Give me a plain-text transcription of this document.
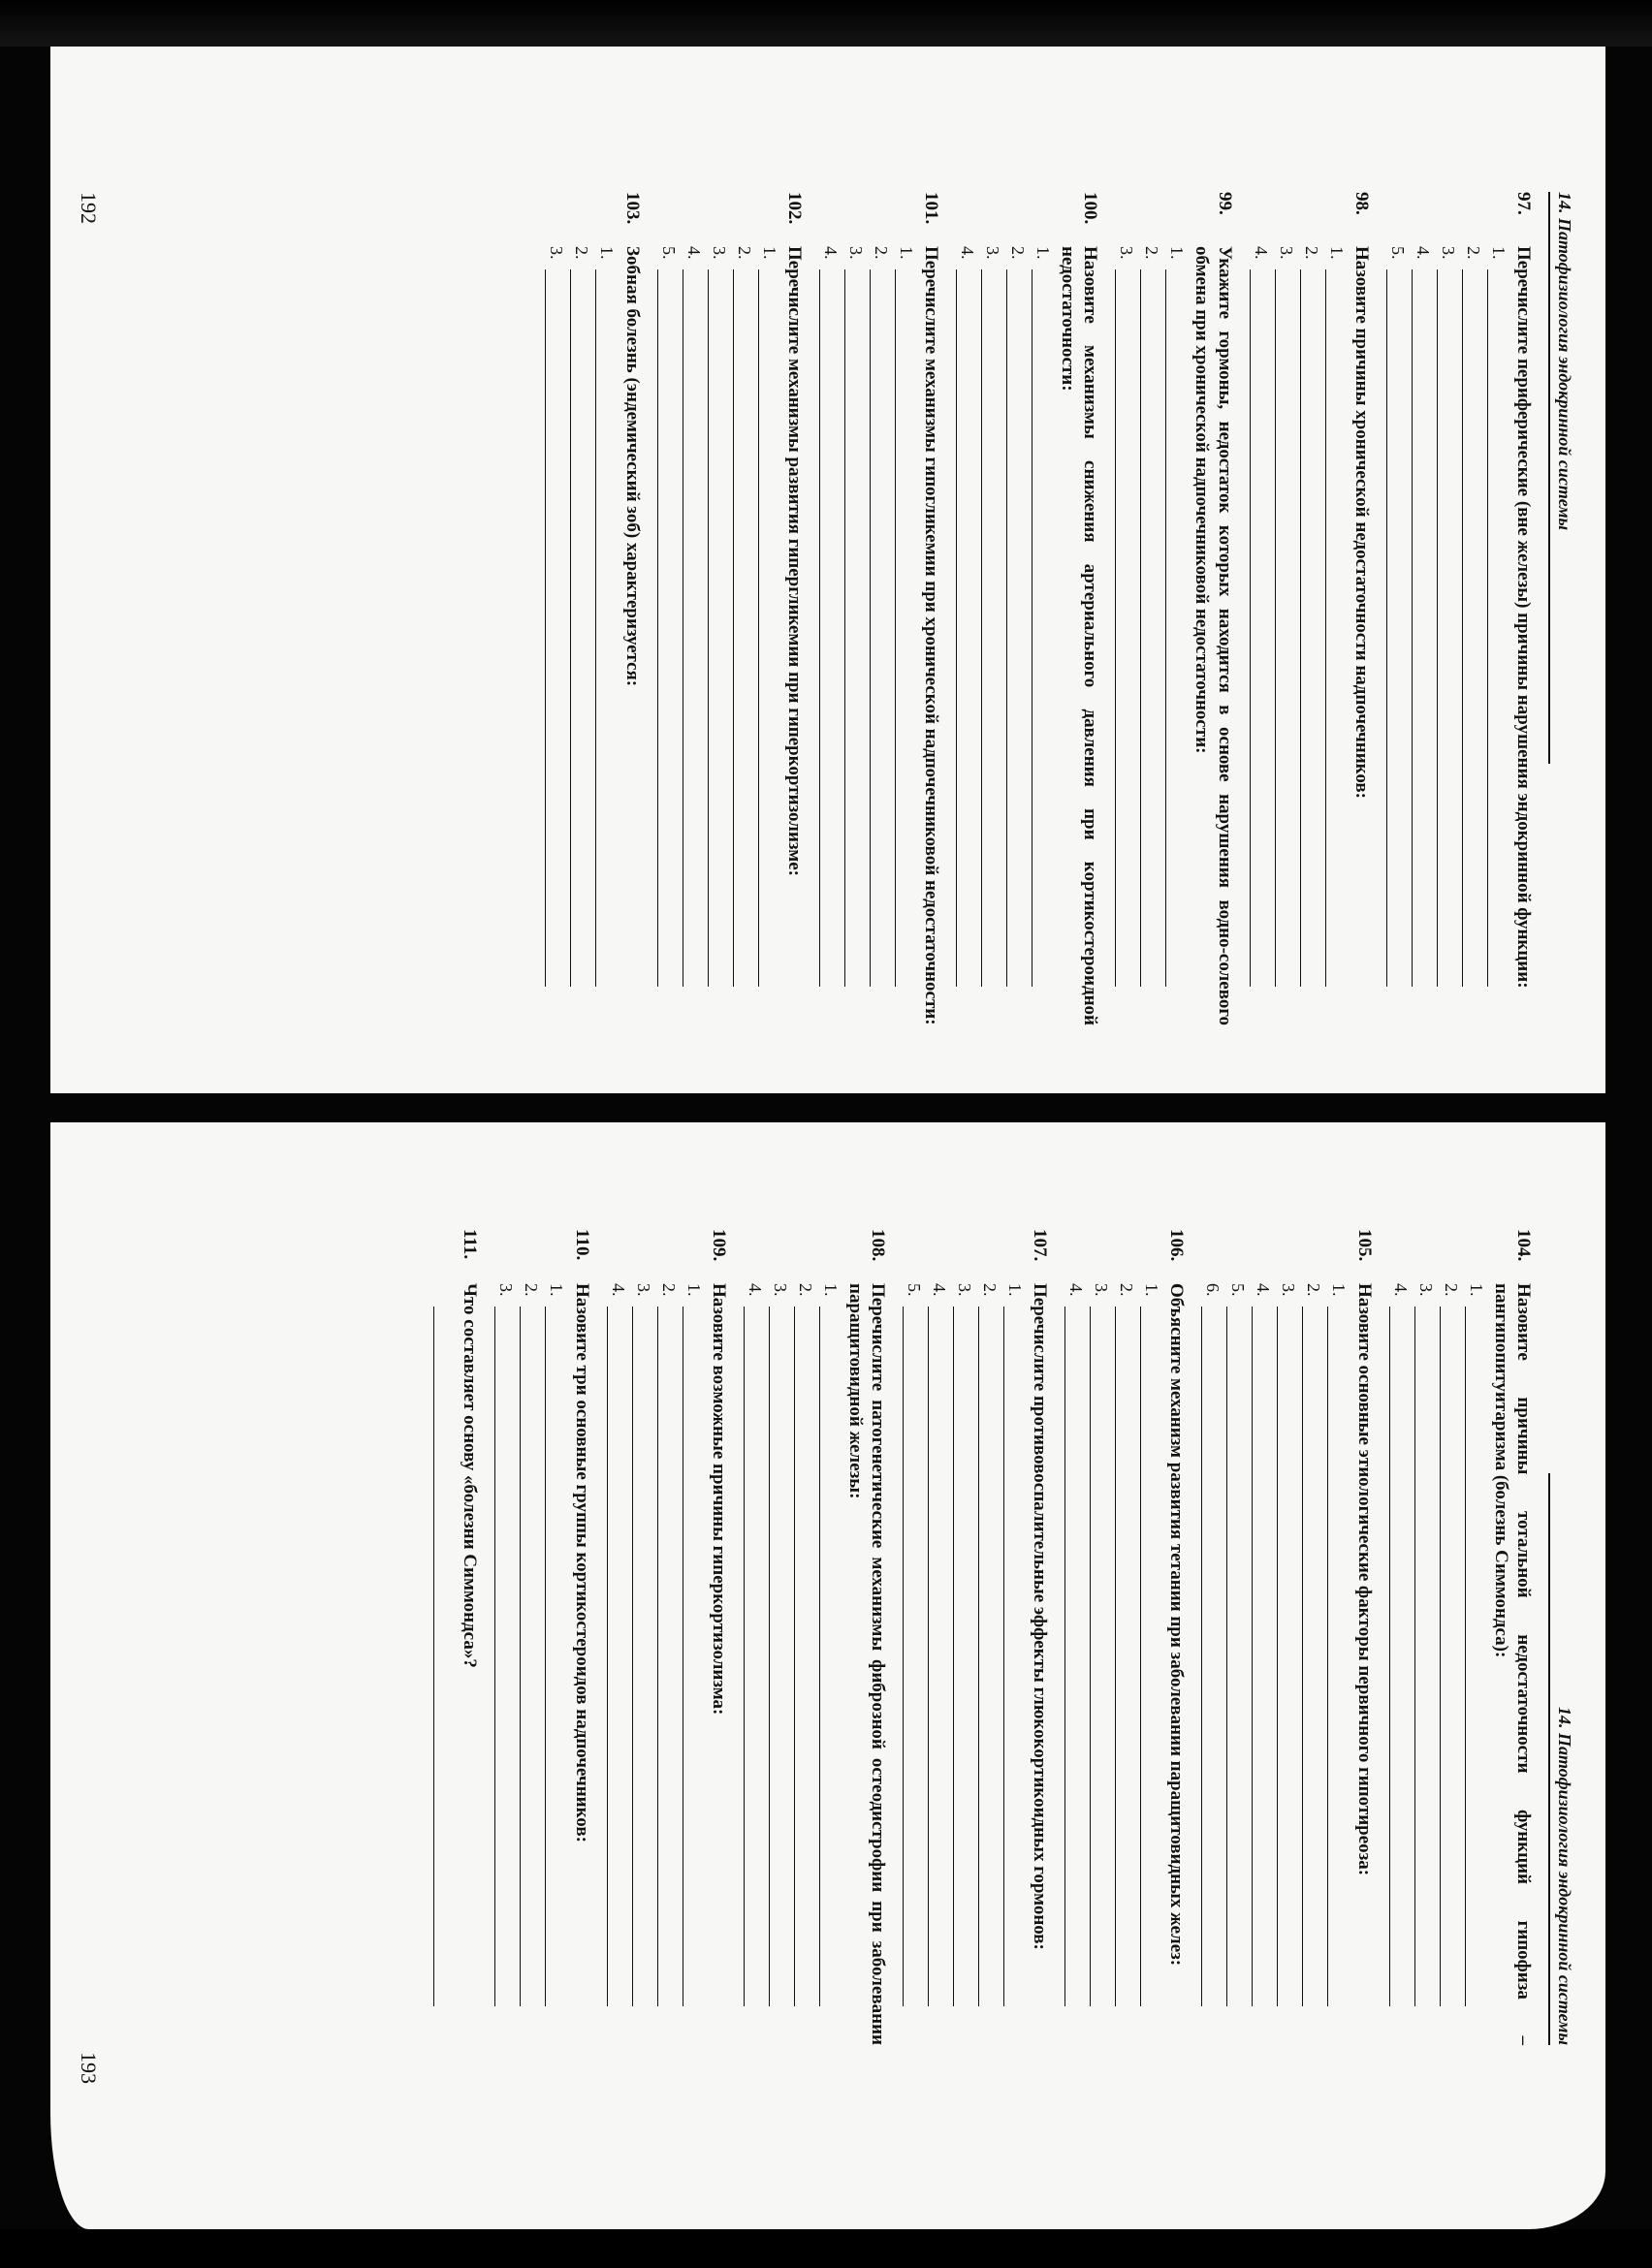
14. Патофизиология эндокринной системы
97.
Перечислите периферические (вне железы) причины нарушения эндокринной функции:
1.
2.
3.
4.
5.
98.
Назовите причины хронической недостаточности надпочечников:
1.
2.
3.
4.
99.
Укажите гормоны, недостаток которых находится в основе нарушения водно-солевого обмена при хронической надпочечниковой недостаточности:
1.
2.
3.
100.
Назовите механизмы снижения артериального давления при кортикостероидной недостаточности:
1.
2.
3.
4.
101.
Перечислите механизмы гипогликемии при хронической надпочечниковой недостаточности:
1.
2.
3.
4.
102.
Перечислите механизмы развития гипергликемии при гиперкортизолизме:
1.
2.
3.
4.
5.
103.
Зобная болезнь (эндемический зоб) характеризуется:
1.
2.
3.
192
14. Патофизиология эндокринной системы
104.
Назовите причины тотальной недостаточности функций гипофиза – пангипопитуитаризма (болезнь Симмондса):
1.
2.
3.
4.
105.
Назовите основные этиологические факторы первичного гипотиреоза:
1.
2.
3.
4.
5.
6.
106.
Объясните механизм развития тетании при заболевании паращитовидных желез:
1.
2.
3.
4.
107.
Перечислите противовоспалительные эффекты глюкокортикоидных гормонов:
1.
2.
3.
4.
5.
108.
Перечислите патогенетические механизмы фиброзной остеодистрофии при заболевании паращитовидной железы:
1.
2.
3.
4.
109.
Назовите возможные причины гиперкортизолизма:
1.
2.
3.
4.
110.
Назовите три основные группы кортикостероидов надпочечников:
1.
2.
3.
111.
Что составляет основу «болезни Симмондса»?
193
